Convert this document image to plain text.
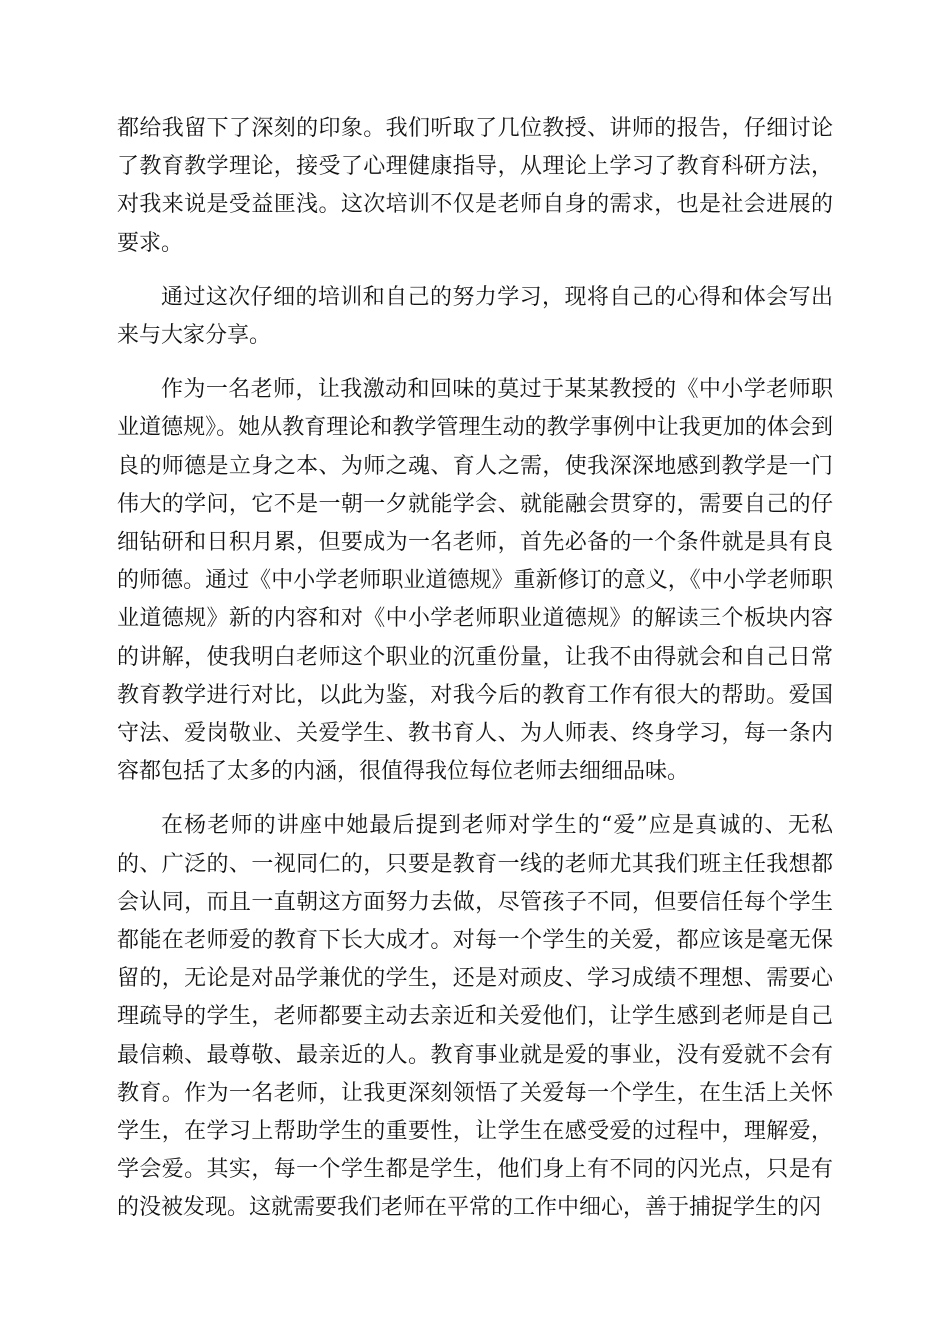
都给我留下了深刻的印象。我们听取了几位教授、讲师的报告，仔细讨论了教育教学理论，接受了心理健康指导，从理论上学习了教育科研方法，对我来说是受益匪浅。这次培训不仅是老师自身的需求，也是社会进展的要求。

通过这次仔细的培训和自己的努力学习，现将自己的心得和体会写出来与大家分享。

作为一名老师，让我激动和回味的莫过于某某教授的《中小学老师职业道德规》。她从教育理论和教学管理生动的教学事例中让我更加的体会到良的师德是立身之本、为师之魂、育人之需，使我深深地感到教学是一门伟大的学问，它不是一朝一夕就能学会、就能融会贯穿的，需要自己的仔细钻研和日积月累，但要成为一名老师，首先必备的一个条件就是具有良的师德。通过《中小学老师职业道德规》重新修订的意义，《中小学老师职业道德规》新的内容和对《中小学老师职业道德规》的解读三个板块内容的讲解，使我明白老师这个职业的沉重份量，让我不由得就会和自己日常教育教学进行对比，以此为鉴，对我今后的教育工作有很大的帮助。爱国守法、爱岗敬业、关爱学生、教书育人、为人师表、终身学习，每一条内容都包括了太多的内涵，很值得我位每位老师去细细品味。

在杨老师的讲座中她最后提到老师对学生的“爱”应是真诚的、无私的、广泛的、一视同仁的，只要是教育一线的老师尤其我们班主任我想都会认同，而且一直朝这方面努力去做，尽管孩子不同，但要信任每个学生都能在老师爱的教育下长大成才。对每一个学生的关爱，都应该是毫无保留的，无论是对品学兼优的学生，还是对顽皮、学习成绩不理想、需要心理疏导的学生，老师都要主动去亲近和关爱他们，让学生感到老师是自己最信赖、最尊敬、最亲近的人。教育事业就是爱的事业，没有爱就不会有教育。作为一名老师，让我更深刻领悟了关爱每一个学生，在生活上关怀学生，在学习上帮助学生的重要性，让学生在感受爱的过程中，理解爱，学会爱。其实，每一个学生都是学生，他们身上有不同的闪光点，只是有的没被发现。这就需要我们老师在平常的工作中细心，善于捕捉学生的闪
